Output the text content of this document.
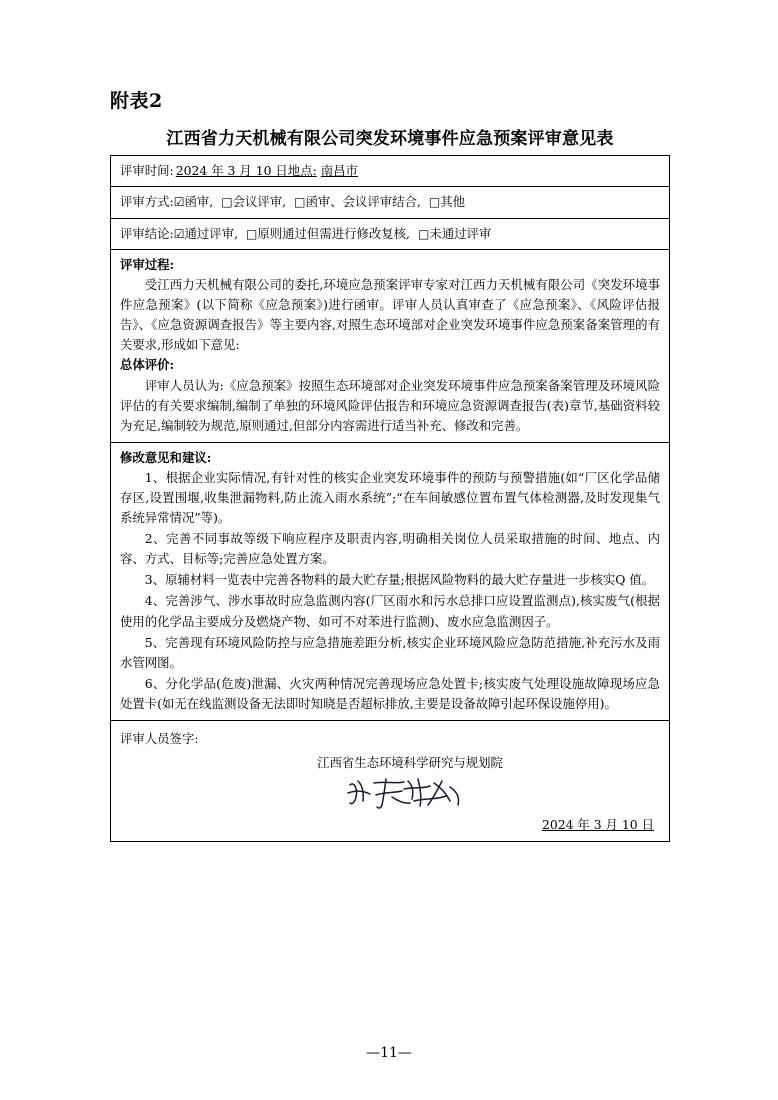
附表2
江西省力天机械有限公司突发环境事件应急预案评审意见表
评审时间: 2024 年 3 月 10 日地点: 南昌市
评审方式: ☑函审, □会议评审, □函审、会议评审结合, □其他
评审结论: ☑通过评审, □原则通过但需进行修改复核, □未通过评审
评审过程:

受江西力天机械有限公司的委托,环境应急预案评审专家对江西力天机械有限公司《突发环境事件应急预案》(以下简称《应急预案》)进行函审。评审人员认真审查了《应急预案》、《风险评估报告》、《应急资源调查报告》等主要内容,对照生态环境部对企业突发环境事件应急预案备案管理的有关要求,形成如下意见:

总体评价:

评审人员认为:《应急预案》按照生态环境部对企业突发环境事件应急预案备案管理及环境风险评估的有关要求编制,编制了单独的环境风险评估报告和环境应急资源调查报告(表)章节,基础资料较为充足,编制较为规范,原则通过,但部分内容需进行适当补充、修改和完善。

修改意见和建议:

1、根据企业实际情况,有针对性的核实企业突发环境事件的预防与预警措施(如“厂区化学品储存区,设置围堰,收集泄漏物料,防止流入雨水系统”;“在车间敏感位置布置气体检测器,及时发现集气系统异常情况”等)。

2、完善不同事故等级下响应程序及职责内容,明确相关岗位人员采取措施的时间、地点、内容、方式、目标等;完善应急处置方案。

3、原辅材料一览表中完善各物料的最大贮存量;根据风险物料的最大贮存量进一步核实Q 值。

4、完善涉气、涉水事故时应急监测内容(厂区雨水和污水总排口应设置监测点),核实废气(根据使用的化学品主要成分及燃烧产物、如可不对苯进行监测)、废水应急监测因子。

5、完善现有环境风险防控与应急措施差距分析,核实企业环境风险应急防范措施,补充污水及雨水管网图。

6、分化学品(危废)泄漏、火灾两种情况完善现场应急处置卡;核实废气处理设施故障现场应急处置卡(如无在线监测设备无法即时知晓是否超标排放,主要是设备故障引起环保设施停用)。

评审人员签字:
江西省生态环境科学研究与规划院
2024 年 3 月 10 日
—11—
